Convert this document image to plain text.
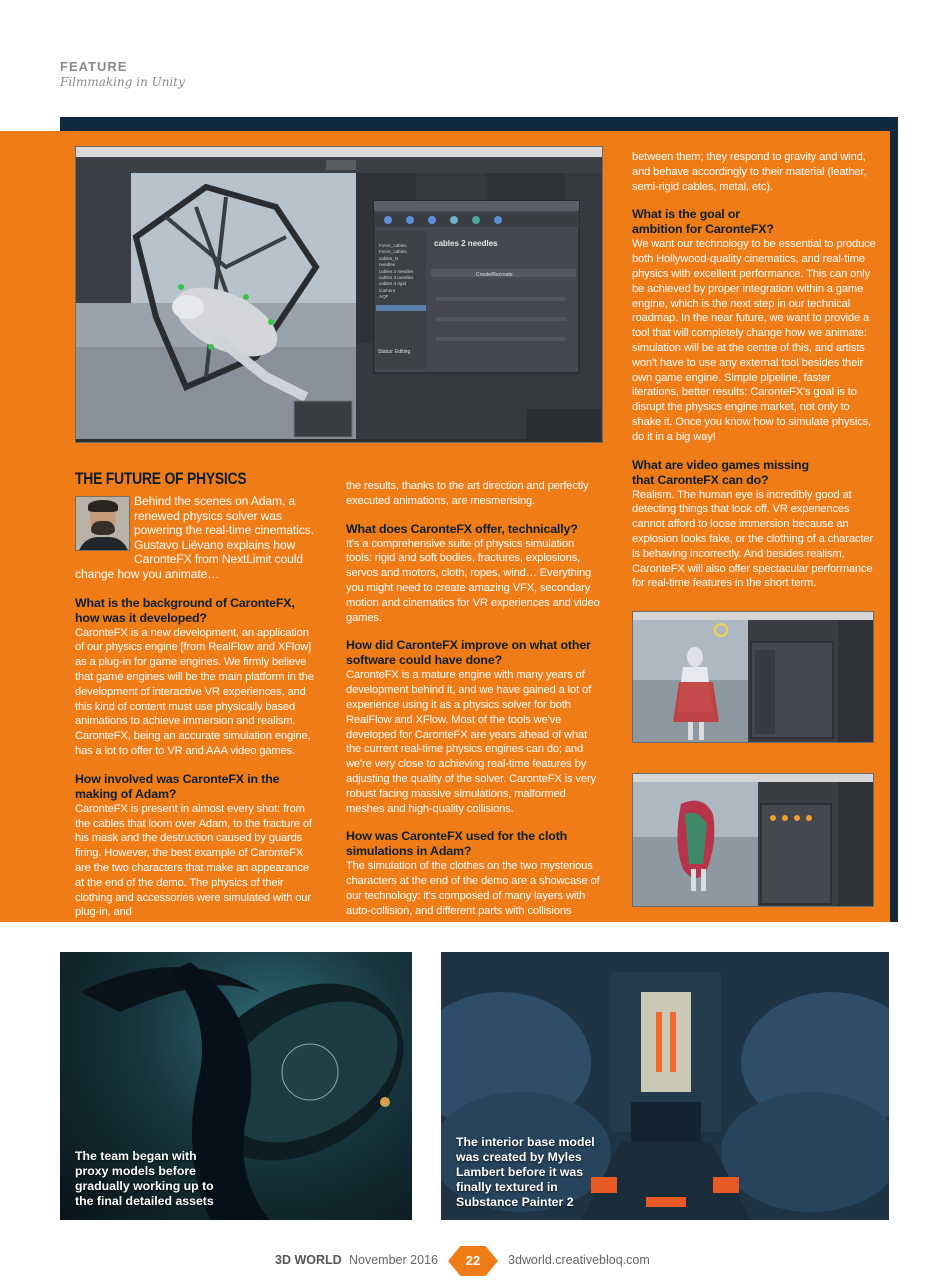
FEATURE
Filmmaking in Unity
cables 2 needles
Force_cables
Force_cables
cables_N
needles
cables 2 needles
cables 3 needles
cables 4 rigid
Camera
AQF
Create/Recreate
Status: Editing
THE FUTURE OF PHYSICS
Behind the scenes on Adam, a renewed physics solver was powering the real-time cinematics. Gustavo Liévano explains how CaronteFX from NextLimit could change how you animate…
What is the background of CaronteFX, how was it developed?

CaronteFX is a new development, an application of our physics engine [from RealFlow and XFlow] as a plug-in for game engines. We firmly believe that game engines will be the main platform in the development of interactive VR experiences, and this kind of content must use physically based animations to achieve immersion and realism. CaronteFX, being an accurate simulation engine, has a lot to offer to VR and AAA video games.

How involved was CaronteFX in the making of Adam?

CaronteFX is present in almost every shot: from the cables that loom over Adam, to the fracture of his mask and the destruction caused by guards firing. However, the best example of CaronteFX are the two characters that make an appearance at the end of the demo. The physics of their clothing and accessories were simulated with our plug-in, and

the results, thanks to the art direction and perfectly executed animations, are mesmerising.

What does CaronteFX offer, technically?

It's a comprehensive suite of physics simulation tools: rigid and soft bodies, fractures, explosions, servos and motors, cloth, ropes, wind… Everything you might need to create amazing VFX, secondary motion and cinematics for VR experiences and video games.

How did CaronteFX improve on what other software could have done?

CaronteFX is a mature engine with many years of development behind it, and we have gained a lot of experience using it as a physics solver for both RealFlow and XFlow. Most of the tools we've developed for CaronteFX are years ahead of what the current real-time physics engines can do; and we're very close to achieving real-time features by adjusting the quality of the solver. CaronteFX is very robust facing massive simulations, malformed meshes and high-quality collisions.

How was CaronteFX used for the cloth simulations in Adam?

The simulation of the clothes on the two mysterious characters at the end of the demo are a showcase of our technology: it's composed of many layers with auto-collision, and different parts with collisions

between them; they respond to gravity and wind, and behave accordingly to their material (leather, semi-rigid cables, metal, etc).

What is the goal or ambition for CaronteFX?

We want our technology to be essential to produce both Hollywood-quality cinematics, and real-time physics with excellent performance. This can only be achieved by proper integration within a game engine, which is the next step in our technical roadmap. In the near future, we want to provide a tool that will completely change how we animate: simulation will be at the centre of this, and artists won't have to use any external tool besides their own game engine. Simple pipeline, faster iterations, better results: CaronteFX's goal is to disrupt the physics engine market, not only to shake it. Once you know how to simulate physics, do it in a big way!

What are video games missing that CaronteFX can do?

Realism. The human eye is incredibly good at detecting things that look off. VR experiences cannot afford to loose immersion because an explosion looks fake, or the clothing of a character is behaving incorrectly. And besides realism, CaronteFX will also offer spectacular performance for real-time features in the short term.

The team began with proxy models before gradually working up to the final detailed assets
The interior base model was created by Myles Lambert before it was finally textured in Substance Painter 2
3D WORLD November 2016	22	3dworld.creativebloq.com
